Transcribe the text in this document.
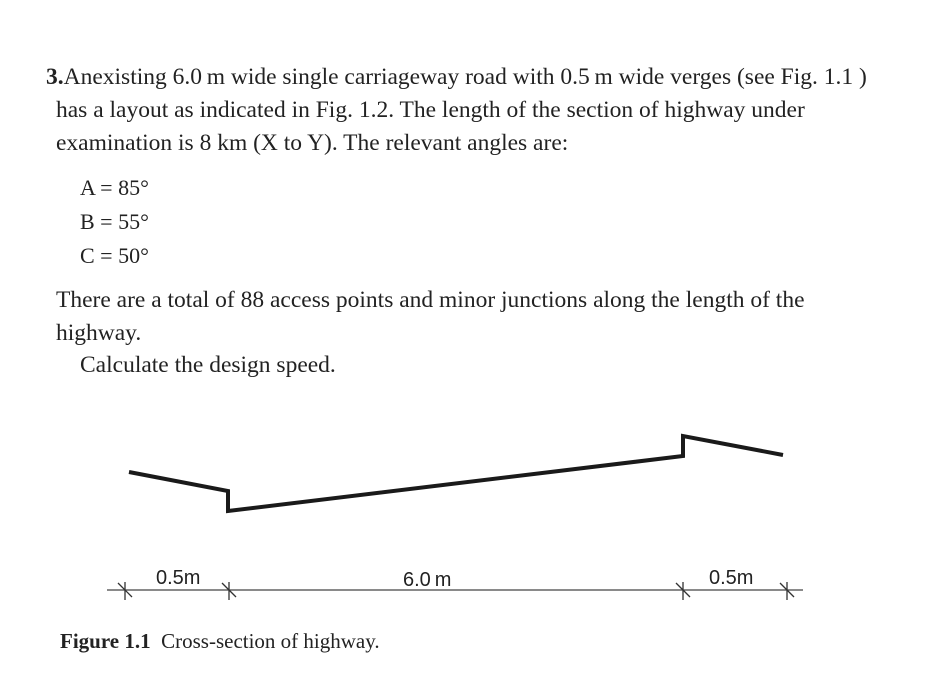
3.Anexisting 6.0 m wide single carriageway road with 0.5 m wide verges (see Fig. 1.1 ) has a layout as indicated in Fig. 1.2. The length of the section of highway under examination is 8 km (X to Y). The relevant angles are:
A = 85°
B = 55°
C = 50°
There are a total of 88 access points and minor junctions along the length of the highway.
Calculate the design speed.
0.5m	6.0 m	0.5m
Figure 1.1 Cross-section of highway.
